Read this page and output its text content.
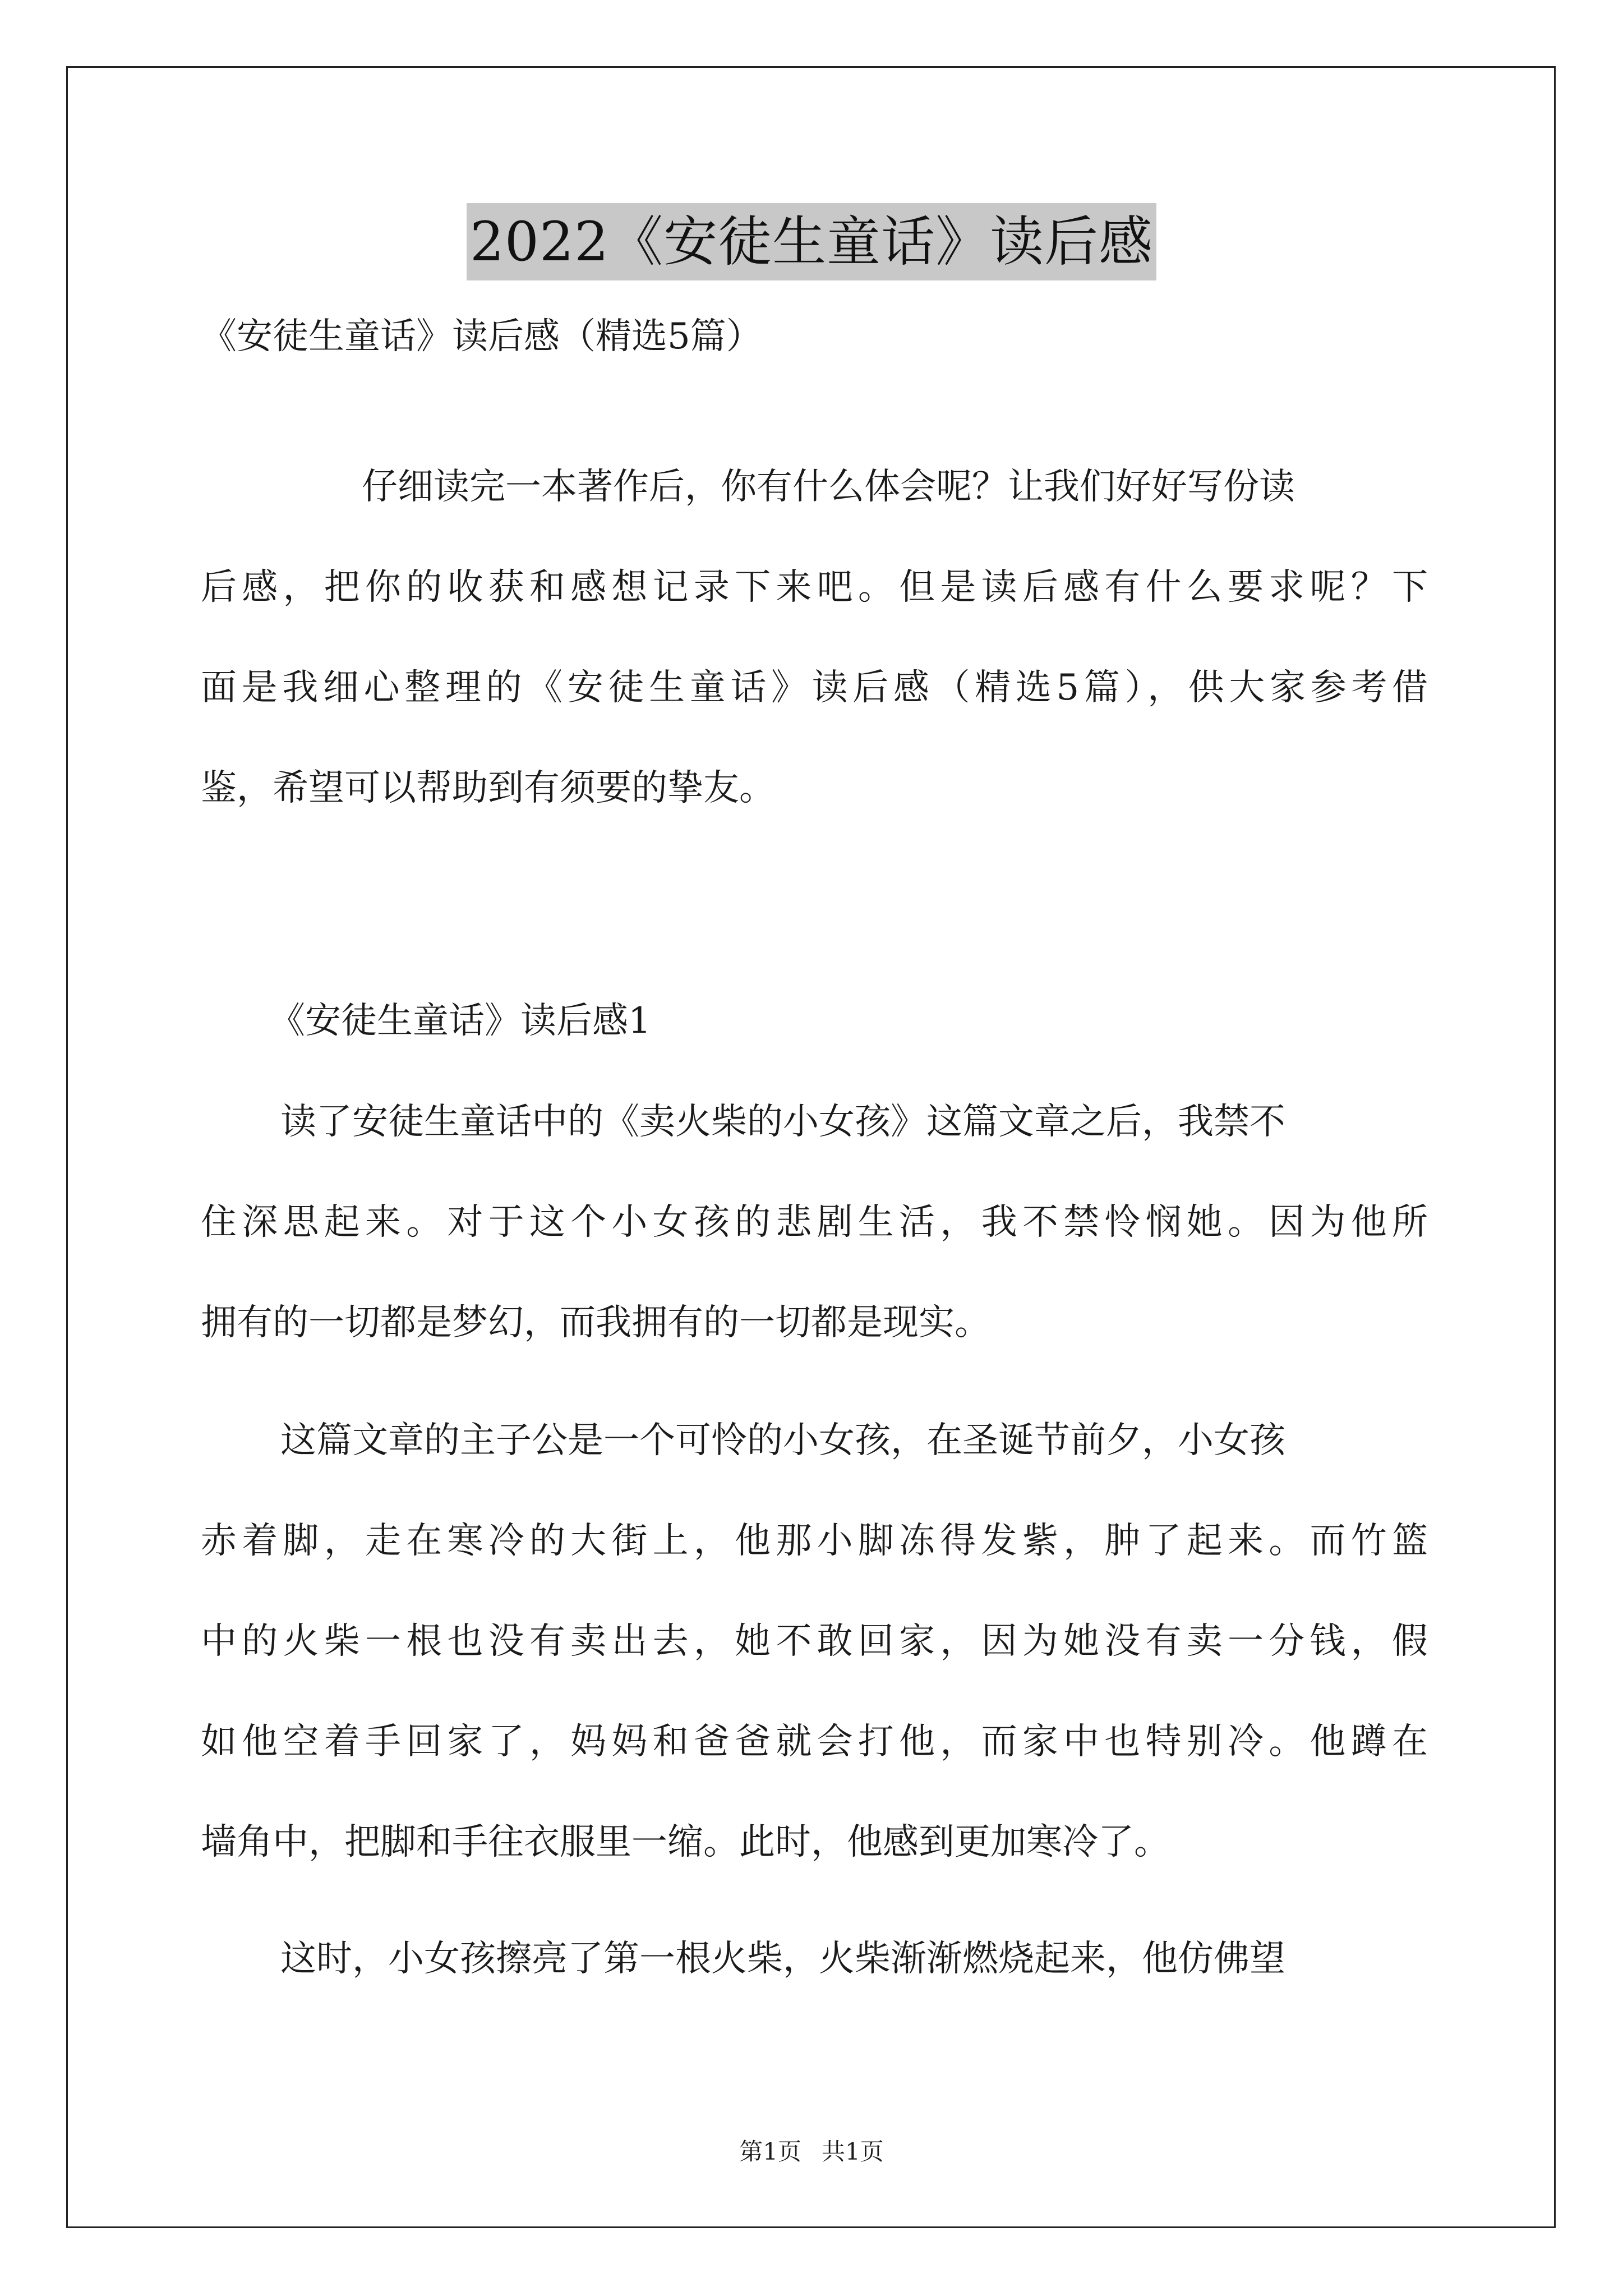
2022《安徒生童话》读后感
《安徒生童话》读后感（精选5篇）
仔细读完一本著作后，你有什么体会呢？让我们好好写份读
后感，把你的收获和感想记录下来吧。但是读后感有什么要求呢？下
面是我细心整理的《安徒生童话》读后感（精选5篇），供大家参考借
鉴，希望可以帮助到有须要的挚友。
《安徒生童话》读后感1
读了安徒生童话中的《卖火柴的小女孩》这篇文章之后，我禁不
住深思起来。对于这个小女孩的悲剧生活，我不禁怜悯她。因为他所
拥有的一切都是梦幻，而我拥有的一切都是现实。
这篇文章的主子公是一个可怜的小女孩，在圣诞节前夕，小女孩
赤着脚，走在寒冷的大街上，他那小脚冻得发紫，肿了起来。而竹篮
中的火柴一根也没有卖出去，她不敢回家，因为她没有卖一分钱，假
如他空着手回家了，妈妈和爸爸就会打他，而家中也特别冷。他蹲在
墙角中，把脚和手往衣服里一缩。此时，他感到更加寒冷了。
这时，小女孩擦亮了第一根火柴，火柴渐渐燃烧起来，他仿佛望
第1页 共1页
